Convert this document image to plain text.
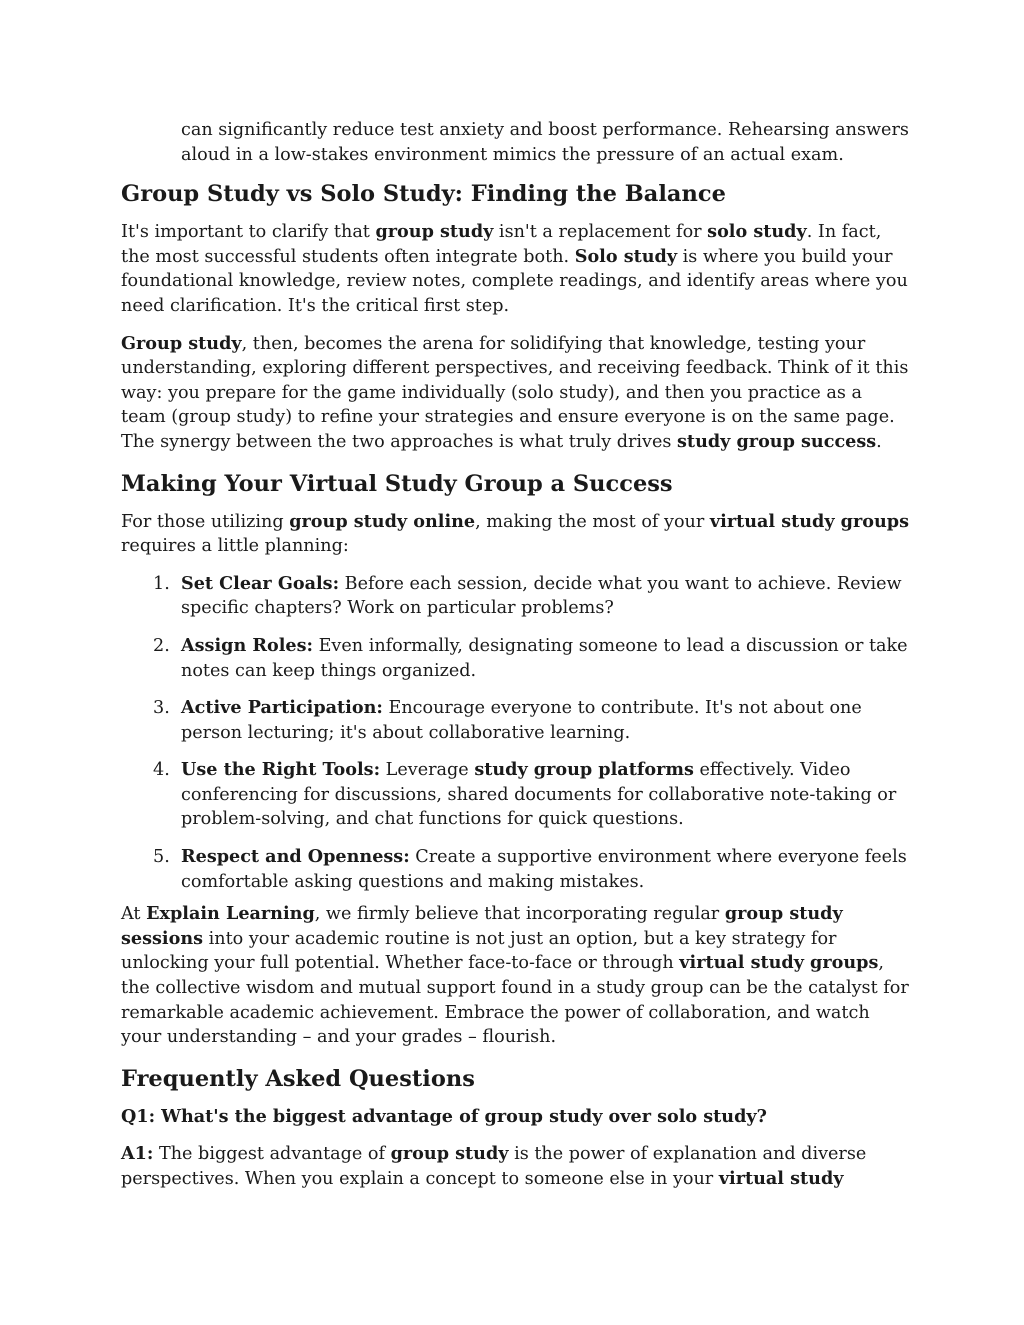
can significantly reduce test anxiety and boost performance. Rehearsing answers aloud in a low-stakes environment mimics the pressure of an actual exam.

Group Study vs Solo Study: Finding the Balance

It's important to clarify that group study isn't a replacement for solo study. In fact, the most successful students often integrate both. Solo study is where you build your foundational knowledge, review notes, complete readings, and identify areas where you need clarification. It's the critical first step.

Group study, then, becomes the arena for solidifying that knowledge, testing your understanding, exploring different perspectives, and receiving feedback. Think of it this way: you prepare for the game individually (solo study), and then you practice as a team (group study) to refine your strategies and ensure everyone is on the same page. The synergy between the two approaches is what truly drives study group success.

Making Your Virtual Study Group a Success

For those utilizing group study online, making the most of your virtual study groups requires a little planning:

1. Set Clear Goals: Before each session, decide what you want to achieve. Review specific chapters? Work on particular problems?
2. Assign Roles: Even informally, designating someone to lead a discussion or take notes can keep things organized.
3. Active Participation: Encourage everyone to contribute. It's not about one person lecturing; it's about collaborative learning.
4. Use the Right Tools: Leverage study group platforms effectively. Video conferencing for discussions, shared documents for collaborative note-taking or problem-solving, and chat functions for quick questions.
5. Respect and Openness: Create a supportive environment where everyone feels comfortable asking questions and making mistakes.

At Explain Learning, we firmly believe that incorporating regular group study sessions into your academic routine is not just an option, but a key strategy for unlocking your full potential. Whether face-to-face or through virtual study groups, the collective wisdom and mutual support found in a study group can be the catalyst for remarkable academic achievement. Embrace the power of collaboration, and watch your understanding – and your grades – flourish.

Frequently Asked Questions

Q1: What's the biggest advantage of group study over solo study?

A1: The biggest advantage of group study is the power of explanation and diverse perspectives. When you explain a concept to someone else in your virtual study
